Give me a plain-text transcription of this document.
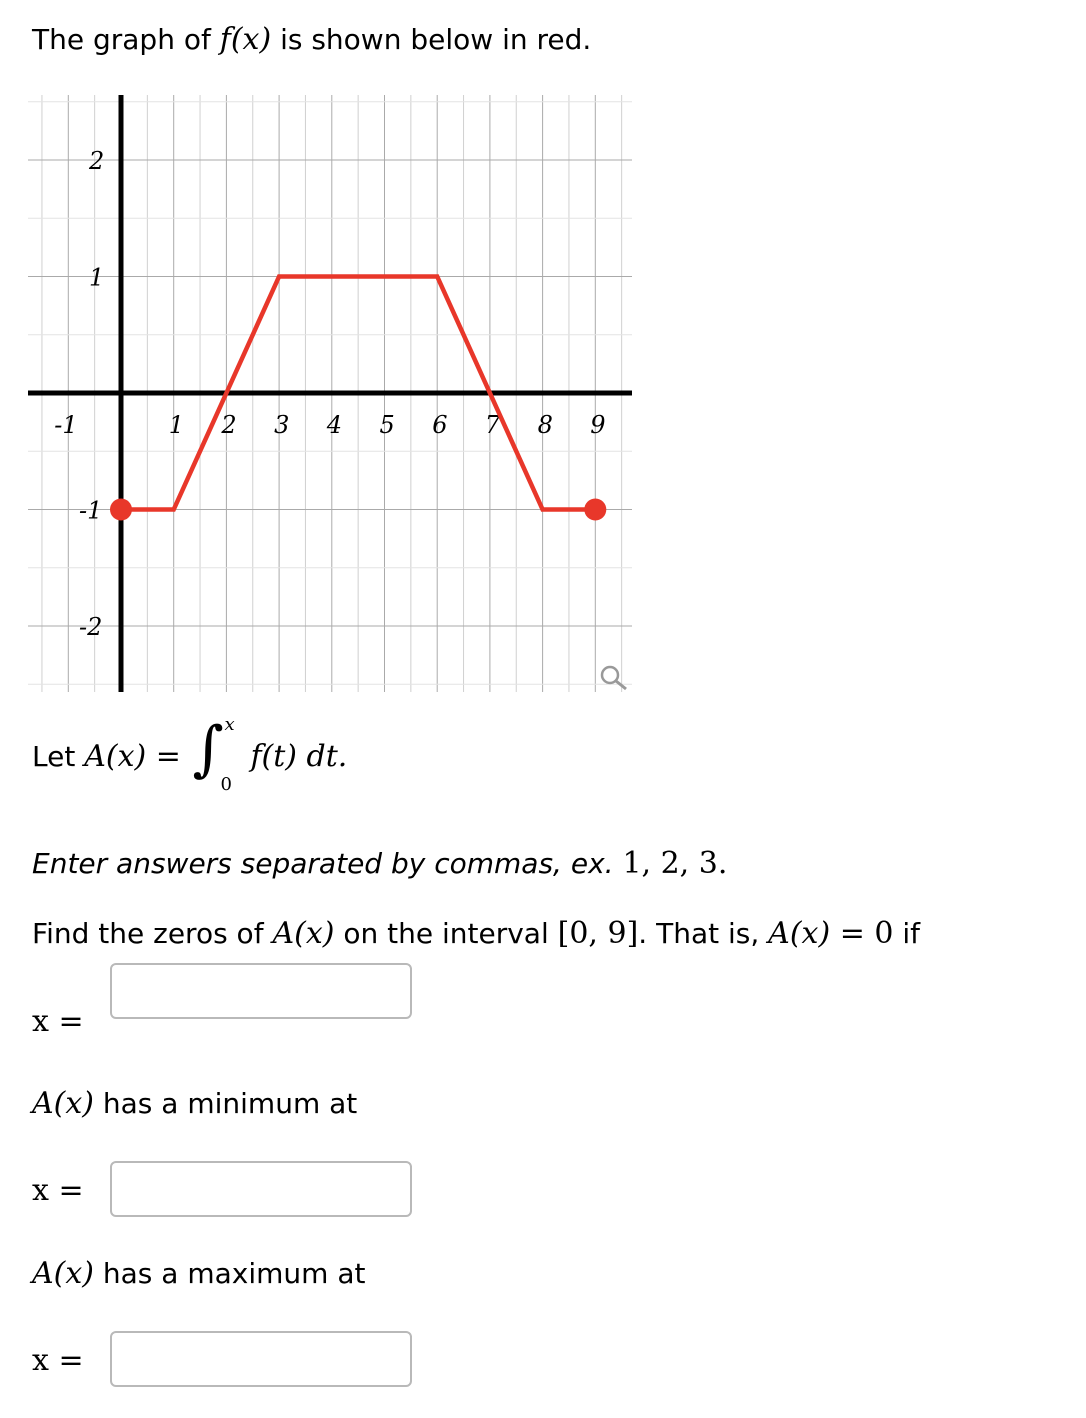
The graph of f(x) is shown below in red.
-1	1 2 3 4 5 6 7 8 9
2
1
-1
-2
Let A(x) = ∫ x
0
f(t) dt.
Enter answers separated by commas, ex. 1, 2, 3.
Find the zeros of A(x) on the interval [0, 9]. That is, A(x) = 0 if
x =
A(x) has a minimum at
x =
A(x) has a maximum at
x =
